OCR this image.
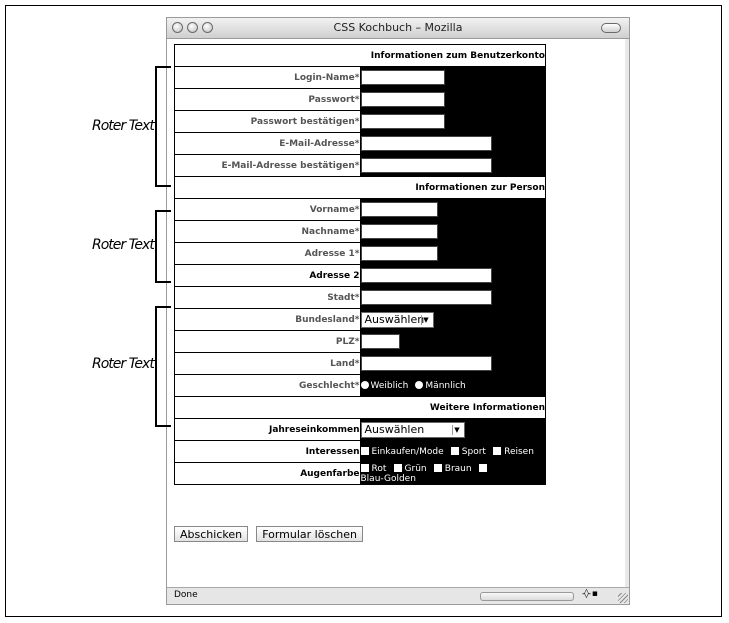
CSS Kochbuch – Mozilla
Done	-◊- ▪
Informationen zum Benutzerkonto	
Login-Name*	
Passwort*	
Passwort bestätigen*	
E-Mail-Adresse*	
E-Mail-Adresse bestätigen*	
Informationen zur Person	
Vorname*	
Nachname*	
Adresse 1*	
Adresse 2	
Stadt*	
Bundesland*	Auswählen ▼

PLZ*	
Land*	
Geschlecht*	Weiblich Männlich
Weitere Informationen	
Jahreseinkommen	Auswählen ▼

Interessen	Einkaufen/Mode Sport Reisen
Augenfarbe	Rot Grün Braun Blau-Golden
Abschicken Formular löschen
Roter Text
Roter Text
Roter Text
